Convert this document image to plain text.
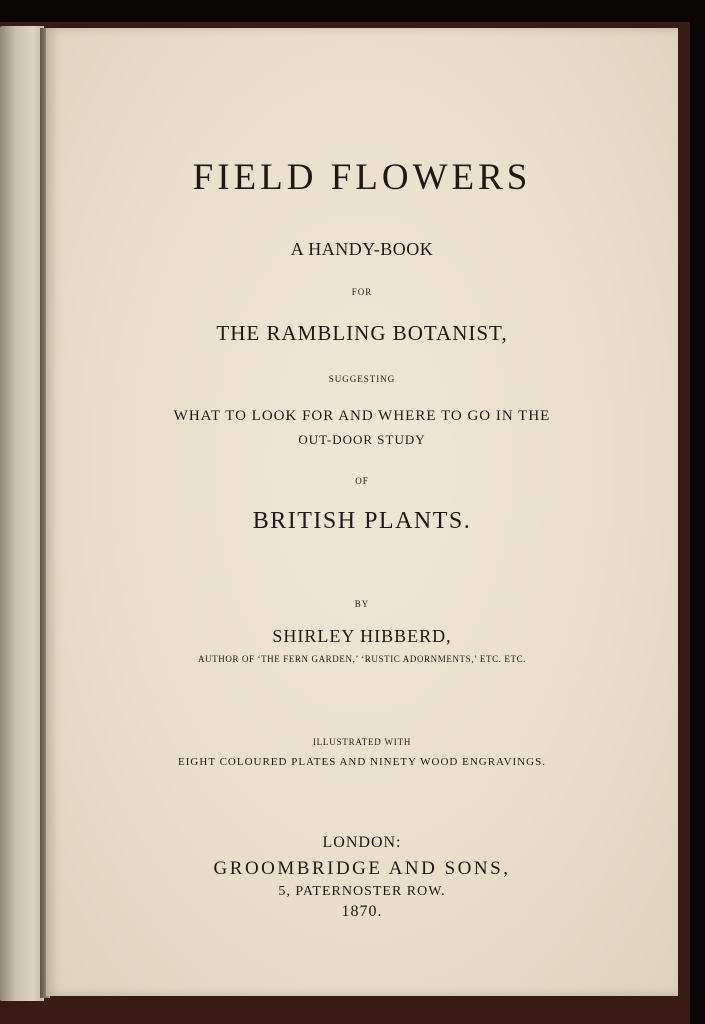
FIELD FLOWERS
A HANDY-BOOK
FOR
THE RAMBLING BOTANIST,
SUGGESTING
WHAT TO LOOK FOR AND WHERE TO GO IN THE
OUT-DOOR STUDY
OF
BRITISH PLANTS.
BY
SHIRLEY HIBBERD,
AUTHOR OF ‘THE FERN GARDEN,’ ‘RUSTIC ADORNMENTS,’ ETC. ETC.
ILLUSTRATED WITH
EIGHT COLOURED PLATES AND NINETY WOOD ENGRAVINGS.
LONDON:
GROOMBRIDGE AND SONS,
5, PATERNOSTER ROW.
1870.
